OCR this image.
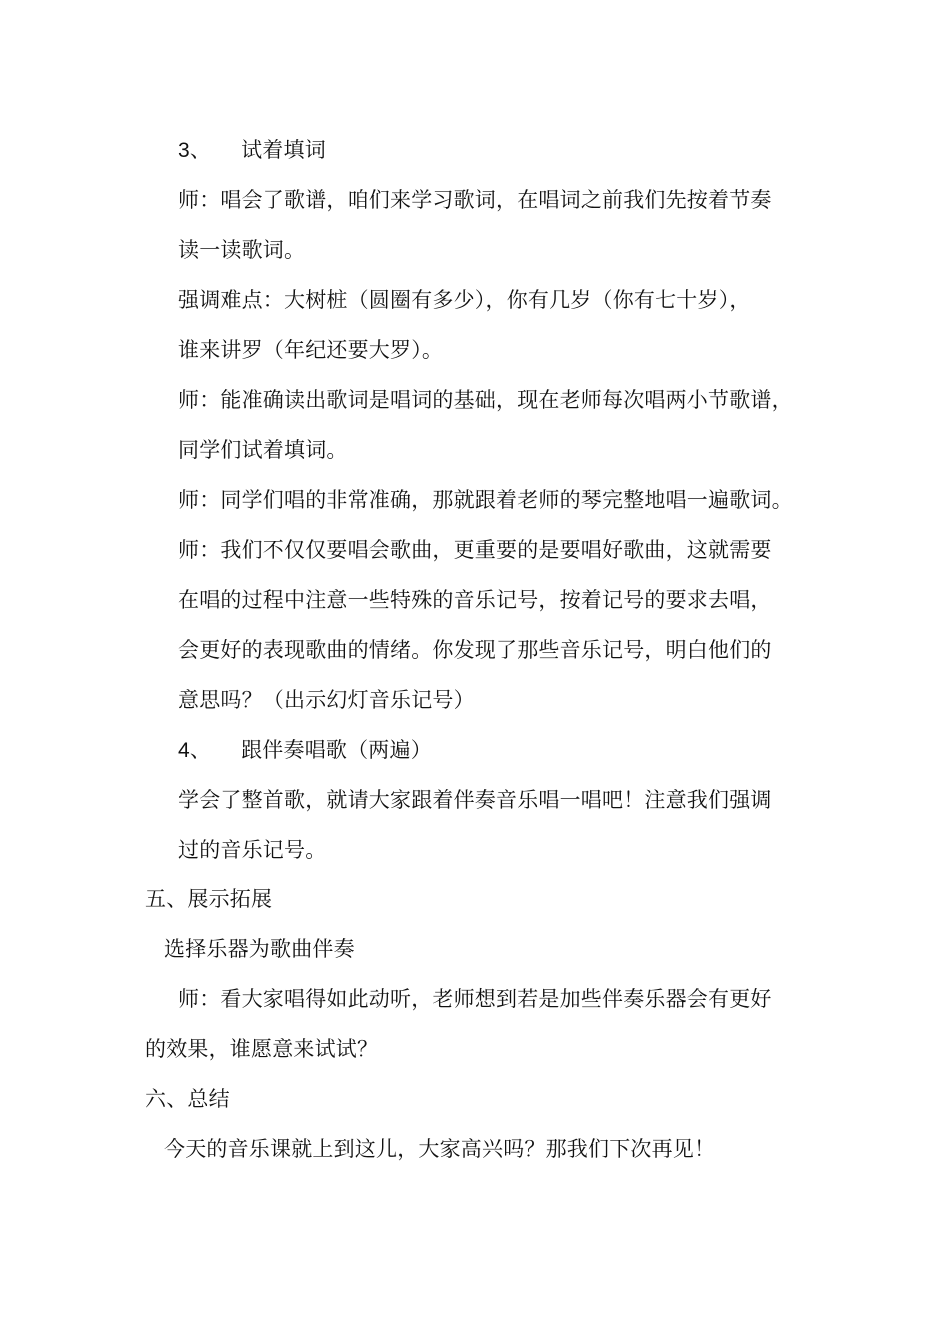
3、 试着填词
师：唱会了歌谱，咱们来学习歌词，在唱词之前我们先按着节奏
读一读歌词。
强调难点：大树桩（圆圈有多少），你有几岁（你有七十岁），
谁来讲罗（年纪还要大罗）。
师：能准确读出歌词是唱词的基础，现在老师每次唱两小节歌谱，
同学们试着填词。
师：同学们唱的非常准确，那就跟着老师的琴完整地唱一遍歌词。
师：我们不仅仅要唱会歌曲，更重要的是要唱好歌曲，这就需要
在唱的过程中注意一些特殊的音乐记号，按着记号的要求去唱，
会更好的表现歌曲的情绪。你发现了那些音乐记号，明白他们的
意思吗？（出示幻灯音乐记号）
4、 跟伴奏唱歌（两遍）
学会了整首歌，就请大家跟着伴奏音乐唱一唱吧！注意我们强调
过的音乐记号。
五、展示拓展
选择乐器为歌曲伴奏
师：看大家唱得如此动听，老师想到若是加些伴奏乐器会有更好
的效果，谁愿意来试试？
六、总结
今天的音乐课就上到这儿，大家高兴吗？那我们下次再见！
